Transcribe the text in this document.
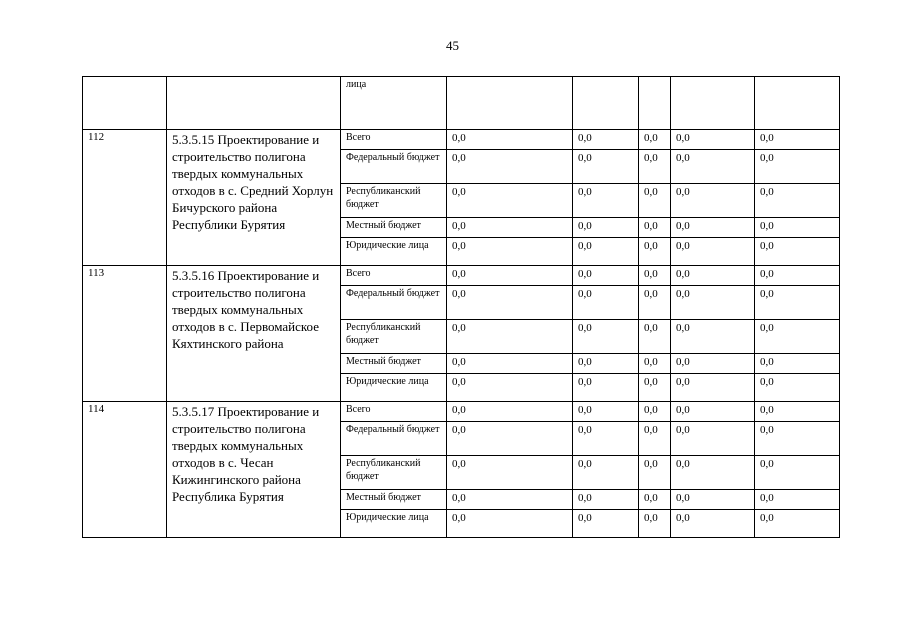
45
		лица					
112	5.3.5.15 Проектирование и строительство полигона твердых коммунальных отходов в с. Средний Хорлун Бичурского района Республики Бурятия	Всего	0,0	0,0	0,0	0,0	0,0
		Федеральный бюджет	0,0	0,0	0,0	0,0	0,0
		Республиканский бюджет	0,0	0,0	0,0	0,0	0,0
		Местный бюджет	0,0	0,0	0,0	0,0	0,0
		Юридические лица	0,0	0,0	0,0	0,0	0,0
113	5.3.5.16 Проектирование и строительство полигона твердых коммунальных отходов в с. Первомайское Кяхтинского района	Всего	0,0	0,0	0,0	0,0	0,0
		Федеральный бюджет	0,0	0,0	0,0	0,0	0,0
		Республиканский бюджет	0,0	0,0	0,0	0,0	0,0
		Местный бюджет	0,0	0,0	0,0	0,0	0,0
		Юридические лица	0,0	0,0	0,0	0,0	0,0
114	5.3.5.17 Проектирование и строительство полигона твердых коммунальных отходов в с. Чесан Кижингинского района Республика Бурятия	Всего	0,0	0,0	0,0	0,0	0,0
		Федеральный бюджет	0,0	0,0	0,0	0,0	0,0
		Республиканский бюджет	0,0	0,0	0,0	0,0	0,0
		Местный бюджет	0,0	0,0	0,0	0,0	0,0
		Юридические лица	0,0	0,0	0,0	0,0	0,0
